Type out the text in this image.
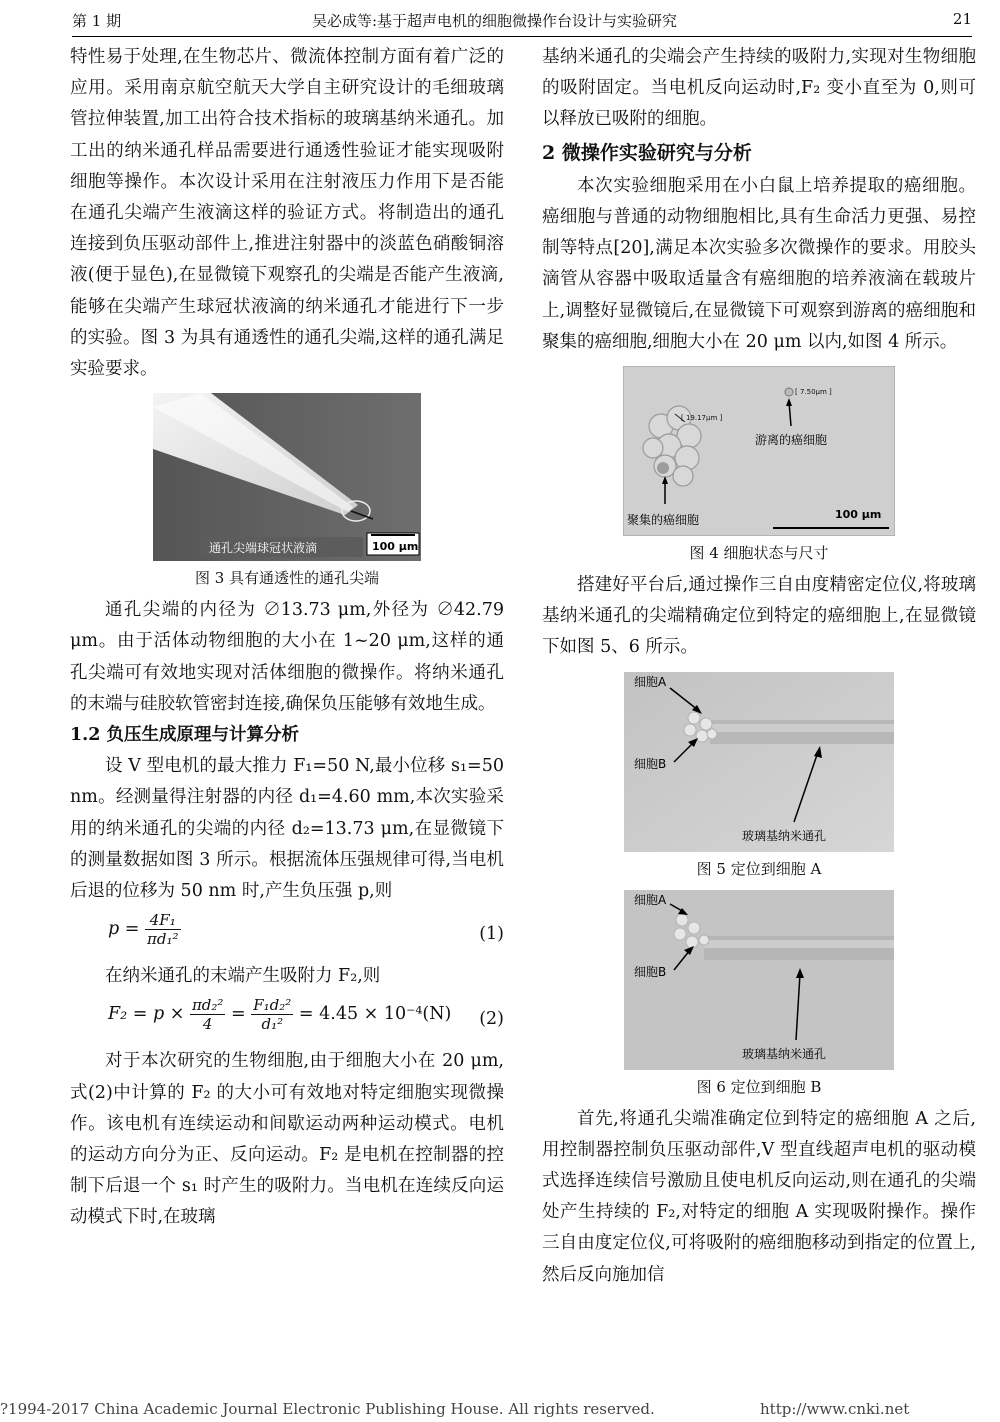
第 1 期	吴必成等:基于超声电机的细胞微操作台设计与实验研究	21

特性易于处理,在生物芯片、微流体控制方面有着广泛的应用。采用南京航空航天大学自主研究设计的毛细玻璃管拉伸装置,加工出符合技术指标的玻璃基纳米通孔。加工出的纳米通孔样品需要进行通透性验证才能实现吸附细胞等操作。本次设计采用在注射液压力作用下是否能在通孔尖端产生液滴这样的验证方式。将制造出的通孔连接到负压驱动部件上,推进注射器中的淡蓝色硝酸铜溶液(便于显色),在显微镜下观察孔的尖端是否能产生液滴,能够在尖端产生球冠状液滴的纳米通孔才能进行下一步的实验。图 3 为具有通透性的通孔尖端,这样的通孔满足实验要求。

通孔尖端球冠状液滴	100 μm
图 3 具有通透性的通孔尖端

通孔尖端的内径为 ∅13.73 μm,外径为 ∅42.79 μm。由于活体动物细胞的大小在 1~20 μm,这样的通孔尖端可有效地实现对活体细胞的微操作。将纳米通孔的末端与硅胶软管密封连接,确保负压能够有效地生成。

1.2 负压生成原理与计算分析

设 V 型电机的最大推力 F₁=50 N,最小位移 s₁=50 nm。经测量得注射器的内径 d₁=4.60 mm,本次实验采用的纳米通孔的尖端的内径 d₂=13.73 μm,在显微镜下的测量数据如图 3 所示。根据流体压强规律可得,当电机后退的位移为 50 nm 时,产生负压强 p,则

$p = \frac{\text{4F₁}}{\text{πd₁²}}$	(1)

在纳米通孔的末端产生吸附力 F₂,则

$F_2 = p \times \frac{\text{πd₂²}}{4} = \frac{\text{F₁d₂²}}{\text{d₁²}} = 4.45 \times 10^{-4}(N)$ (2)

对于本次研究的生物细胞,由于细胞大小在 20 μm,式(2)中计算的 F₂ 的大小可有效地对特定细胞实现微操作。该电机有连续运动和间歇运动两种运动模式。电机的运动方向分为正、反向运动。F₂ 是电机在控制器的控制下后退一个 s₁ 时产生的吸附力。当电机在连续反向运动模式下时,在玻璃

基纳米通孔的尖端会产生持续的吸附力,实现对生物细胞的吸附固定。当电机反向运动时,F₂ 变小直至为 0,则可以释放已吸附的细胞。

2 微操作实验研究与分析

本次实验细胞采用在小白鼠上培养提取的癌细胞。癌细胞与普通的动物细胞相比,具有生命活力更强、易控制等特点[20],满足本次实验多次微操作的要求。用胶头滴管从容器中吸取适量含有癌细胞的培养液滴在载玻片上,调整好显微镜后,在显微镜下可观察到游离的癌细胞和聚集的癌细胞,细胞大小在 20 μm 以内,如图 4 所示。

[ 19.17μm ]
[ 7.50μm ]
游离的癌细胞
聚集的癌细胞	100 μm
图 4 细胞状态与尺寸

搭建好平台后,通过操作三自由度精密定位仪,将玻璃基纳米通孔的尖端精确定位到特定的癌细胞上,在显微镜下如图 5、6 所示。

细胞A
细胞B
玻璃基纳米通孔
图 5 定位到细胞 A
细胞A
细胞B
玻璃基纳米通孔
图 6 定位到细胞 B

首先,将通孔尖端准确定位到特定的癌细胞 A 之后,用控制器控制负压驱动部件,V 型直线超声电机的驱动模式选择连续信号激励且使电机反向运动,则在通孔的尖端处产生持续的 F₂,对特定的细胞 A 实现吸附操作。操作三自由度定位仪,可将吸附的癌细胞移动到指定的位置上,然后反向施加信

?1994-2017 China Academic Journal Electronic Publishing House. All rights reserved.	http://www.cnki.net
